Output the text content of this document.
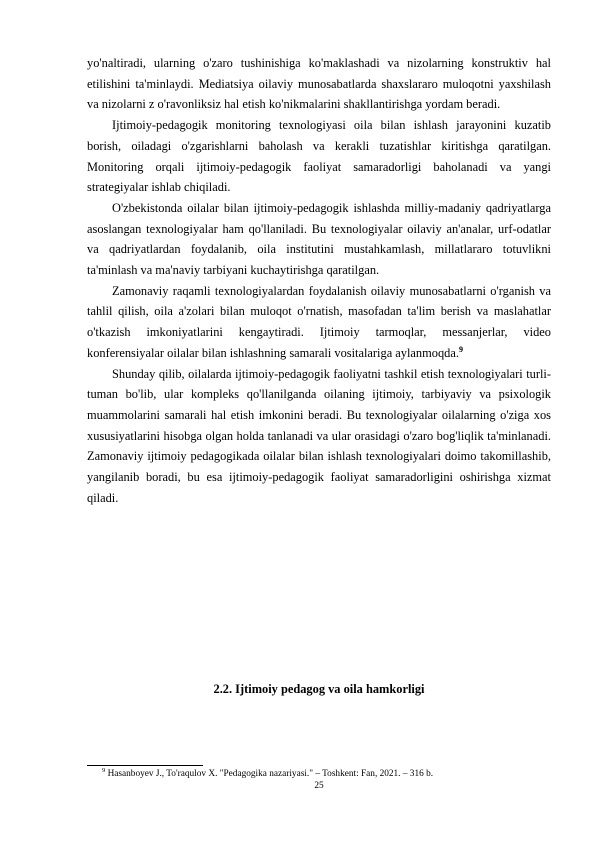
yo'naltiradi, ularning o'zaro tushinishiga ko'maklashadi va nizolarning konstruktiv hal etilishini ta'minlaydi. Mediatsiya oilaviy munosabatlarda shaxslararo muloqotni yaxshilash va nizolarni z o'ravonliksiz hal etish ko'nikmalarini shakllantirishga yordam beradi.

Ijtimoiy-pedagogik monitoring texnologiyasi oila bilan ishlash jarayonini kuzatib borish, oiladagi o'zgarishlarni baholash va kerakli tuzatishlar kiritishga qaratilgan. Monitoring orqali ijtimoiy-pedagogik faoliyat samaradorligi baholanadi va yangi strategiyalar ishlab chiqiladi.

O'zbekistonda oilalar bilan ijtimoiy-pedagogik ishlashda milliy-madaniy qadriyatlarga asoslangan texnologiyalar ham qo'llaniladi. Bu texnologiyalar oilaviy an'analar, urf-odatlar va qadriyatlardan foydalanib, oila institutini mustahkamlash, millatlararo totuvlikni ta'minlash va ma'naviy tarbiyani kuchaytirishga qaratilgan.

Zamonaviy raqamli texnologiyalardan foydalanish oilaviy munosabatlarni o'rganish va tahlil qilish, oila a'zolari bilan muloqot o'rnatish, masofadan ta'lim berish va maslahatlar o'tkazish imkoniyatlarini kengaytiradi. Ijtimoiy tarmoqlar, messanjerlar, video konferensiyalar oilalar bilan ishlashning samarali vositalariga aylanmoqda.$^9$

Shunday qilib, oilalarda ijtimoiy-pedagogik faoliyatni tashkil etish texnologiyalari turli-tuman bo'lib, ular kompleks qo'llanilganda oilaning ijtimoiy, tarbiyaviy va psixologik muammolarini samarali hal etish imkonini beradi. Bu texnologiyalar oilalarning o'ziga xos xususiyatlarini hisobga olgan holda tanlanadi va ular orasidagi o'zaro bog'liqlik ta'minlanadi. Zamonaviy ijtimoiy pedagogikada oilalar bilan ishlash texnologiyalari doimo takomillashib, yangilanib boradi, bu esa ijtimoiy-pedagogik faoliyat samaradorligini oshirishga xizmat qiladi.

2.2. Ijtimoiy pedagog va oila hamkorligi
$^9$ Hasanboyev J., To'raqulov X. "Pedagogika nazariyasi." – Toshkent: Fan, 2021. – 316 b.
25
